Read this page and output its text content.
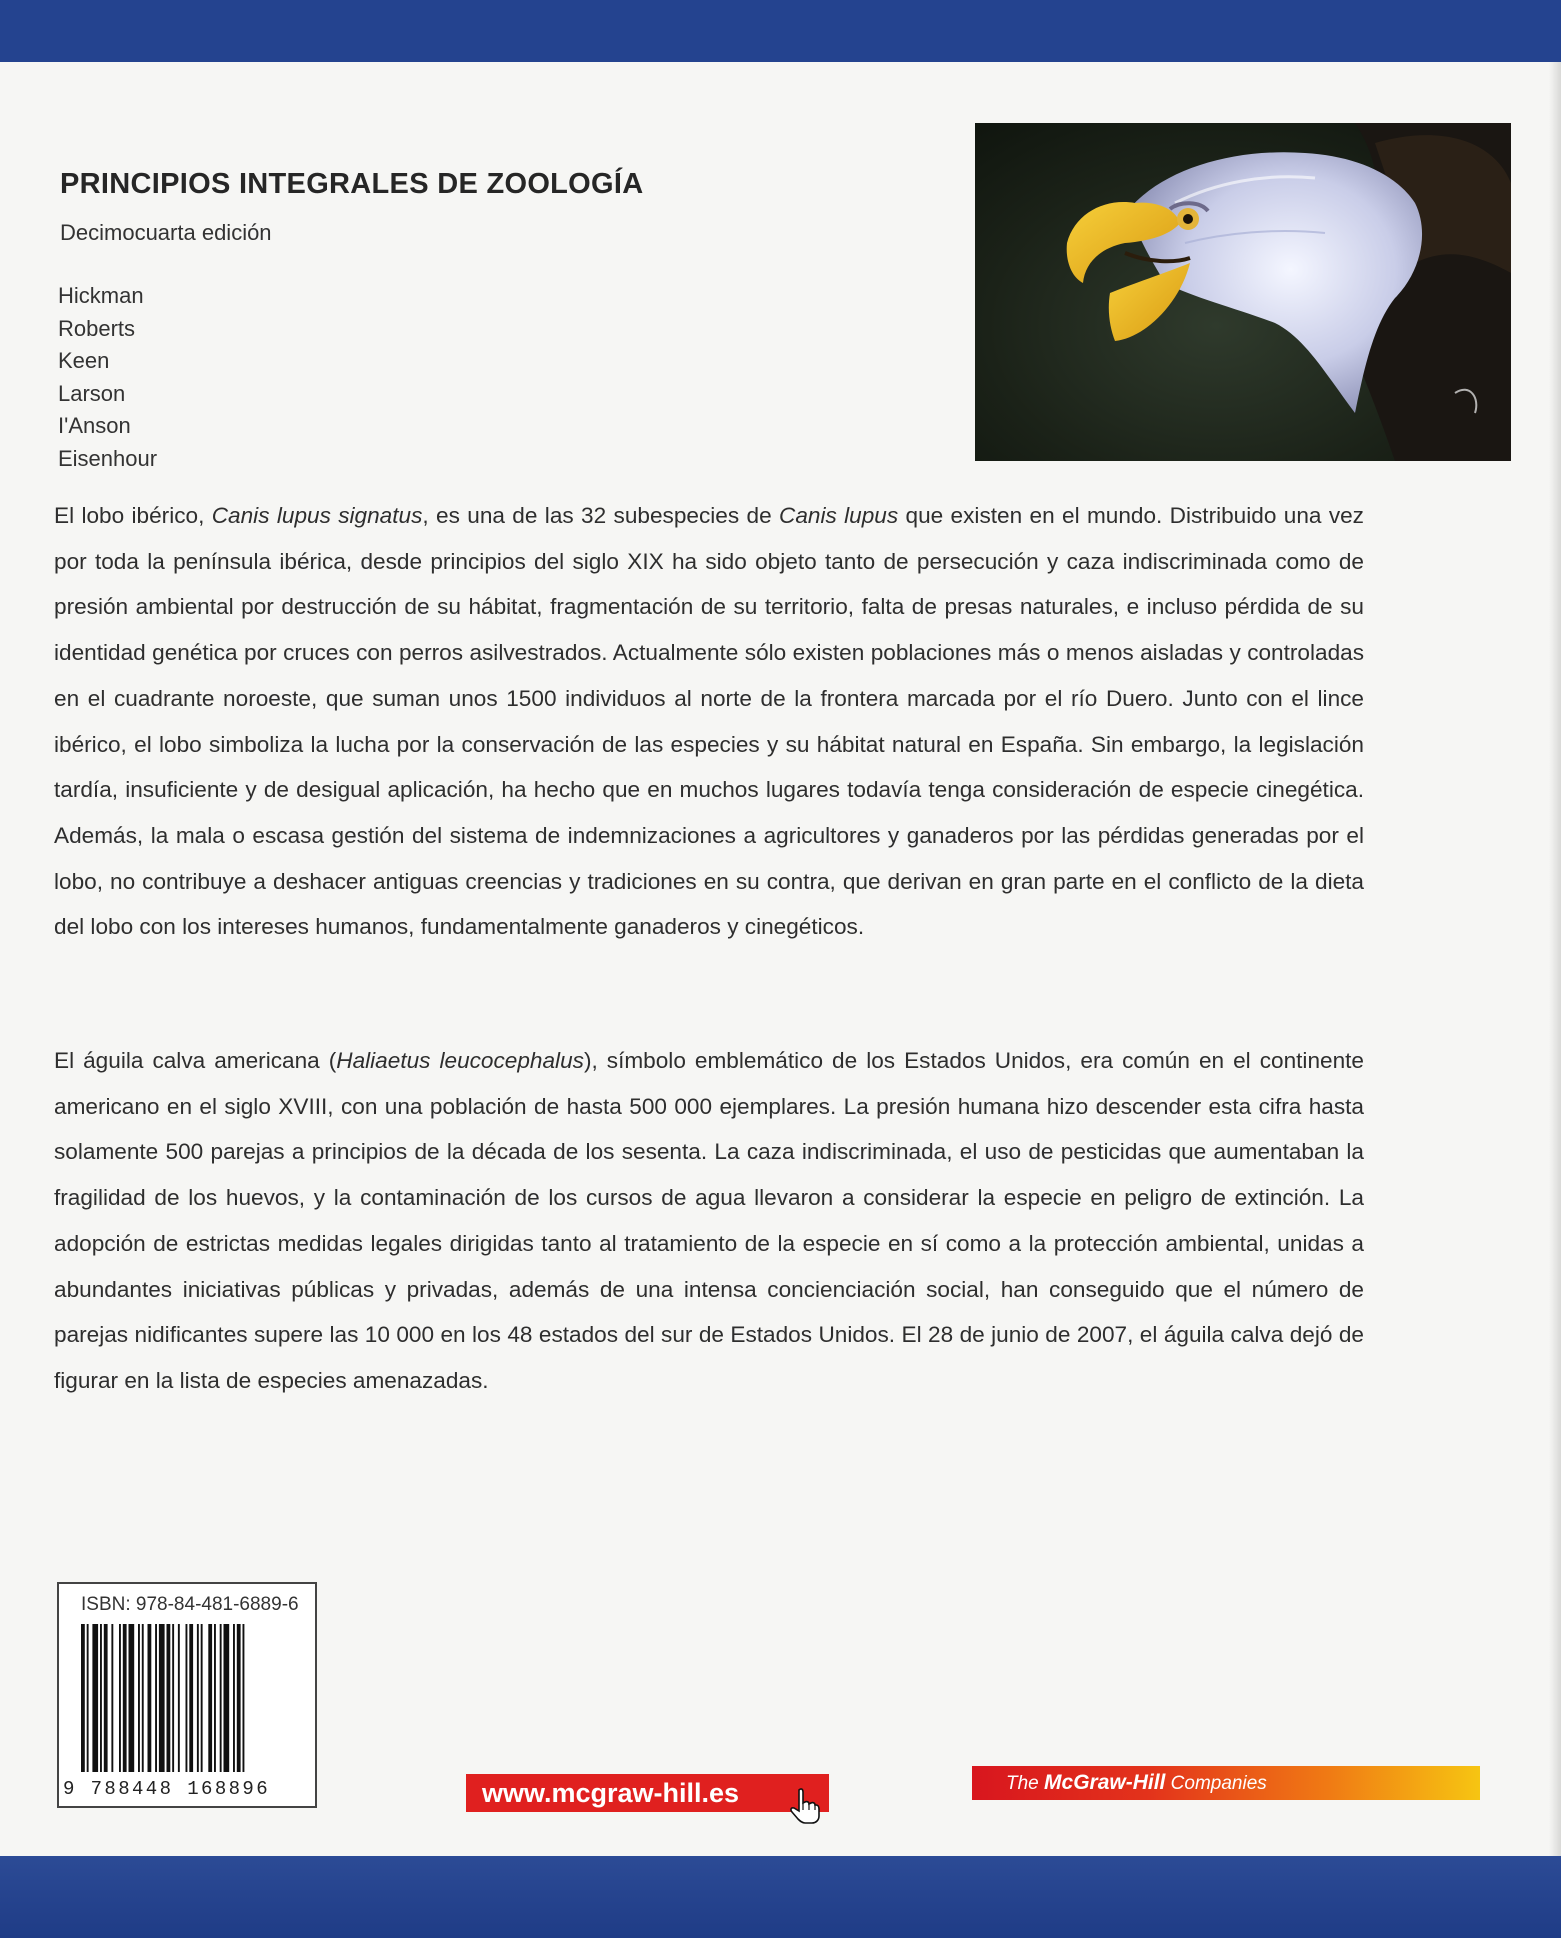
PRINCIPIOS INTEGRALES DE ZOOLOGÍA

Decimocuarta edición

Hickman
Roberts
Keen
Larson
I'Anson
Eisenhour

El lobo ibérico, Canis lupus signatus, es una de las 32 subespecies de Canis lupus que existen en el mundo. Distribuido una vez por toda la península ibérica, desde principios del siglo XIX ha sido objeto tanto de persecución y caza indiscriminada como de presión ambiental por destrucción de su hábitat, fragmentación de su territorio, falta de presas naturales, e incluso pérdida de su identidad genética por cruces con perros asilvestrados. Actualmente sólo existen poblaciones más o menos aisladas y controladas en el cuadrante noroeste, que suman unos 1500 individuos al norte de la frontera marcada por el río Duero. Junto con el lince ibérico, el lobo simboliza la lucha por la conservación de las especies y su hábitat natural en España. Sin embargo, la legislación tardía, insuficiente y de desigual aplicación, ha hecho que en muchos lugares todavía tenga consideración de especie cinegética. Además, la mala o escasa gestión del sistema de indemnizaciones a agricultores y ganaderos por las pérdidas generadas por el lobo, no contribuye a deshacer antiguas creencias y tradiciones en su contra, que derivan en gran parte en el conflicto de la dieta del lobo con los intereses humanos, fundamentalmente ganaderos y cinegéticos.

El águila calva americana (Haliaetus leucocephalus), símbolo emblemático de los Estados Unidos, era común en el continente americano en el siglo XVIII, con una población de hasta 500 000 ejemplares. La presión humana hizo descender esta cifra hasta solamente 500 parejas a principios de la década de los sesenta. La caza indiscriminada, el uso de pesticidas que aumentaban la fragilidad de los huevos, y la contaminación de los cursos de agua llevaron a considerar la especie en peligro de extinción. La adopción de estrictas medidas legales dirigidas tanto al tratamiento de la especie en sí como a la protección ambiental, unidas a abundantes iniciativas públicas y privadas, además de una intensa concienciación social, han conseguido que el número de parejas nidificantes supere las 10 000 en los 48 estados del sur de Estados Unidos. El 28 de junio de 2007, el águila calva dejó de figurar en la lista de especies amenazadas.

ISBN: 978-84-481-6889-6
9 788448 168896	www.mcgraw-hill.es	The McGraw-Hill Companies
